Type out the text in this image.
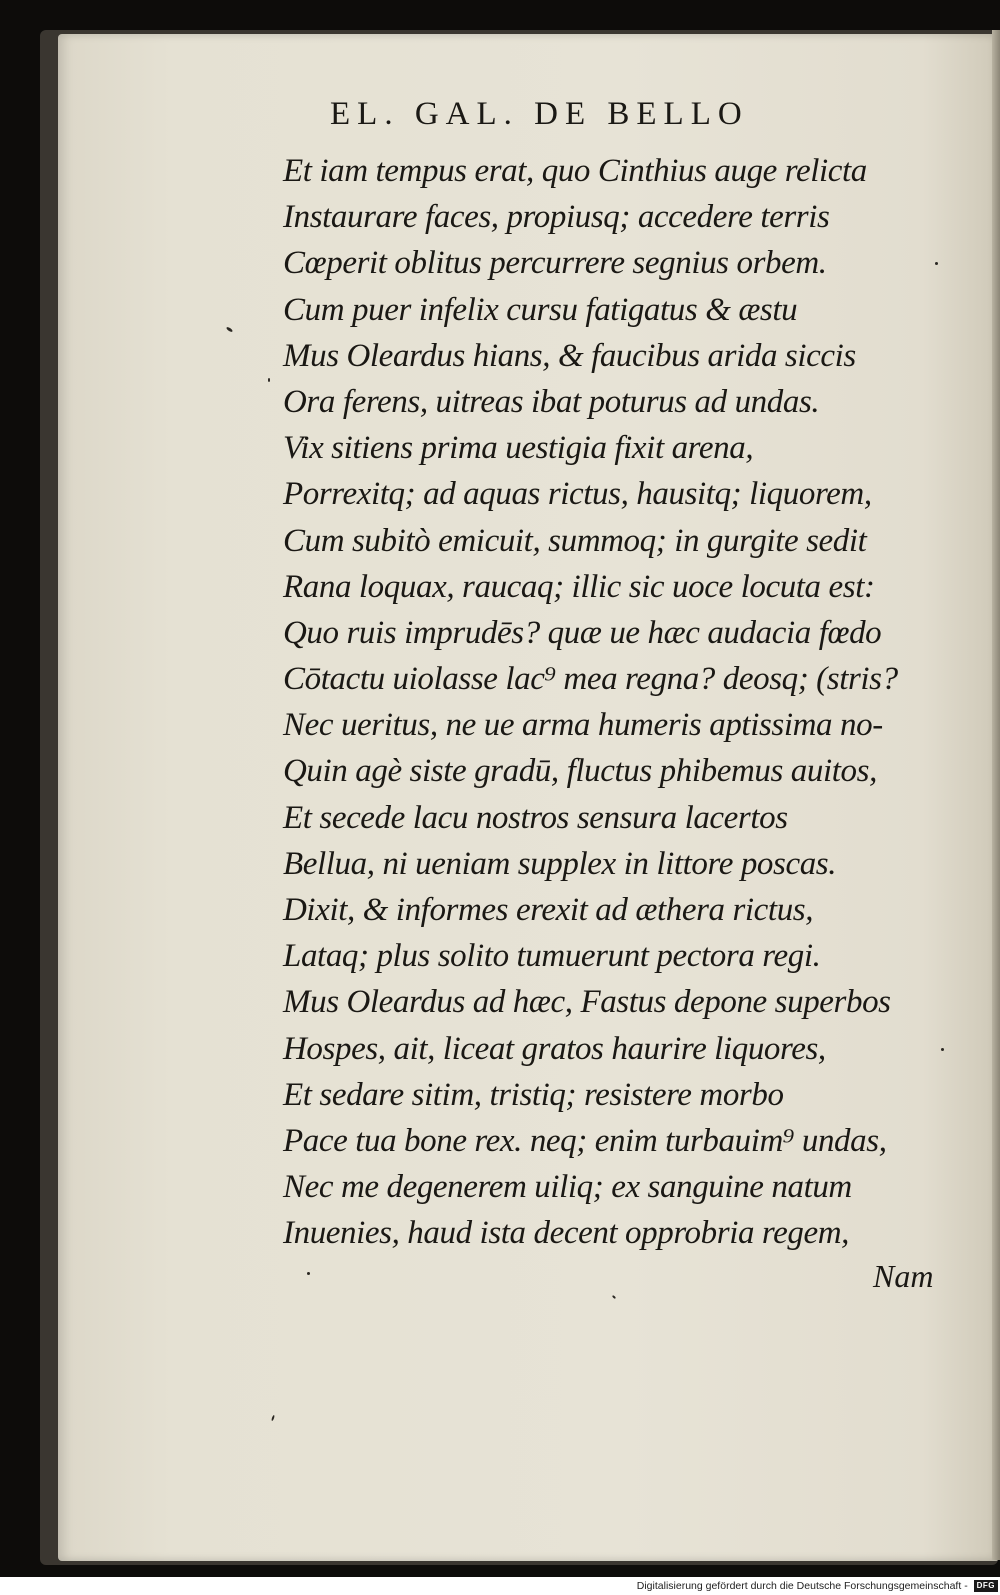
EL. GAL. DE BELLO
Et iam tempus erat, quo Cinthius auge relicta
Instaurare faces, propiusq; accedere terris
Cœperit oblitus percurrere segnius orbem.
Cum puer infelix cursu fatigatus & æstu
Mus Oleardus hians, & faucibus arida siccis
Ora ferens, uitreas ibat poturus ad undas.
Vix sitiens prima uestigia fixit arena,
Porrexitq; ad aquas rictus, hausitq; liquorem,
Cum subitò emicuit, summoq; in gurgite sedit
Rana loquax, raucaq; illic sic uoce locuta est:
Quo ruis imprudēs? quæ ue hæc audacia fœdo
Cōtactu uiolasse lac⁹ mea regna? deosq; (stris?
Nec ueritus, ne ue arma humeris aptissima no-
Quin agè siste gradū, fluctus phibemus auitos,
Et secede lacu nostros sensura lacertos
Bellua, ni ueniam supplex in littore poscas.
Dixit, & informes erexit ad æthera rictus,
Lataq; plus solito tumuerunt pectora regi.
Mus Oleardus ad hæc, Fastus depone superbos
Hospes, ait, liceat gratos haurire liquores,
Et sedare sitim, tristiq; resistere morbo
Pace tua bone rex. neq; enim turbauim⁹ undas,
Nec me degenerem uiliq; ex sanguine natum
Inuenies, haud ista decent opprobria regem,
Nam
Digitalisierung gefördert durch die Deutsche Forschungsgemeinschaft - DFG
